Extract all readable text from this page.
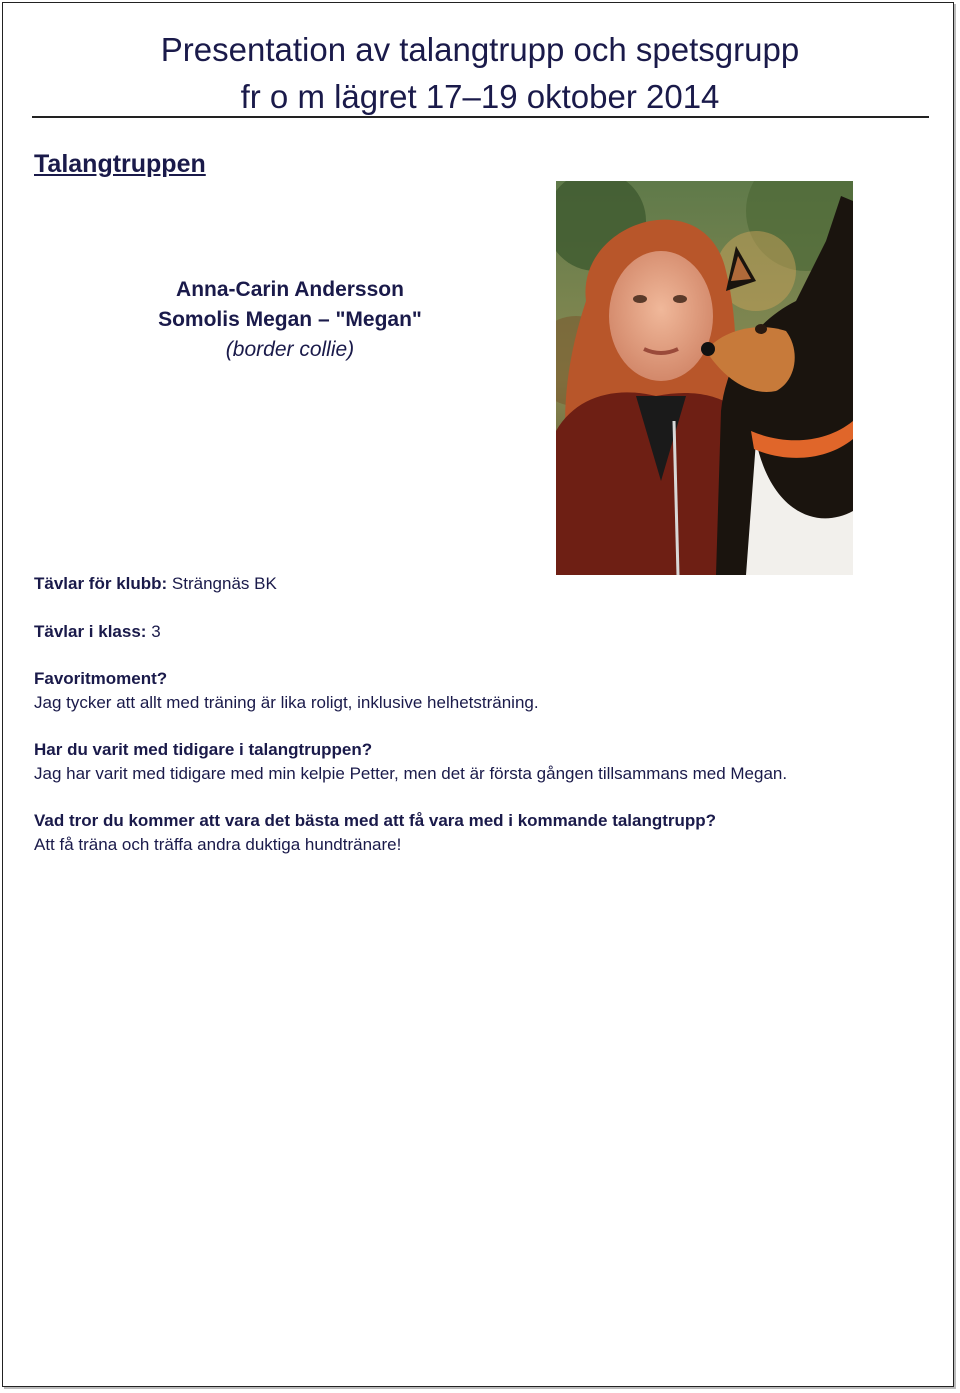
Presentation av talangtrupp och spetsgrupp
fr o m lägret 17–19 oktober 2014
Talangtruppen
Anna-Carin Andersson
Somolis Megan – "Megan"
(border collie)
Tävlar för klubb: Strängnäs BK
Tävlar i klass: 3
Favoritmoment?
Jag tycker att allt med träning är lika roligt, inklusive helhetsträning.
Har du varit med tidigare i talangtruppen?
Jag har varit med tidigare med min kelpie Petter, men det är första gången tillsammans med Megan.
Vad tror du kommer att vara det bästa med att få vara med i kommande talangtrupp?
Att få träna och träffa andra duktiga hundtränare!
